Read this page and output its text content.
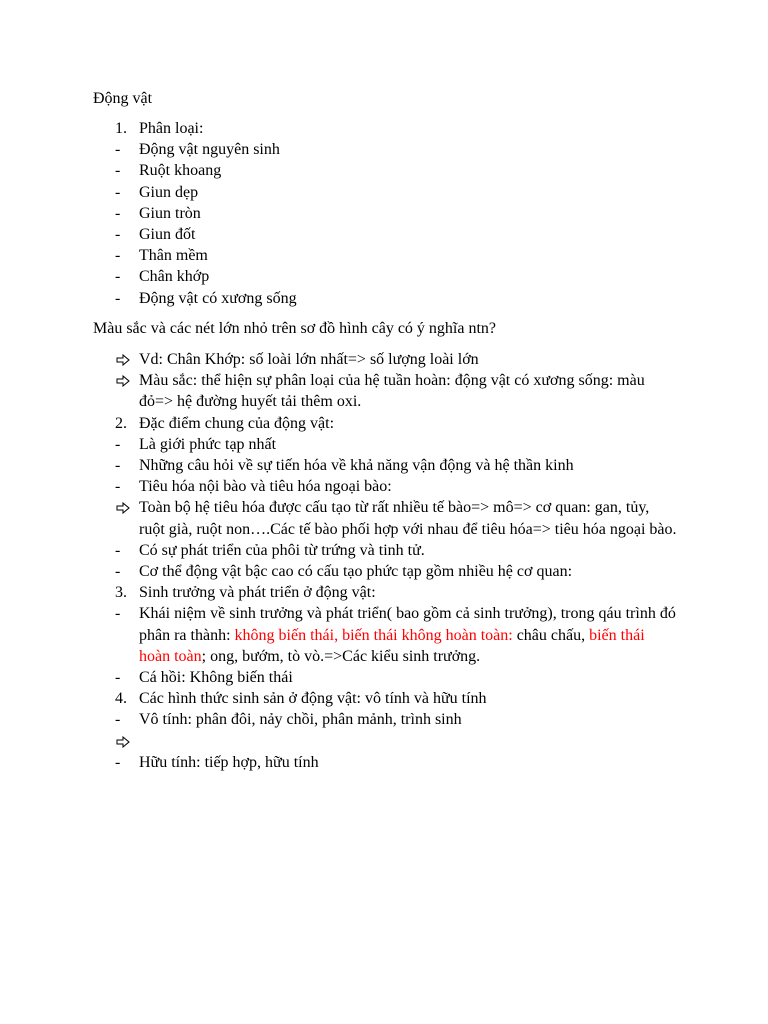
Động vật
1. Phân loại:
-	Động vật nguyên sinh
-	Ruột khoang
-	Giun dẹp
-	Giun tròn
-	Giun đốt
-	Thân mềm
-	Chân khớp
-	Động vật có xương sống

Màu sắc và các nét lớn nhỏ trên sơ đồ hình cây có ý nghĩa ntn?

Vd: Chân Khớp: số loài lớn nhất=> số lượng loài lớn
Màu sắc: thể hiện sự phân loại của hệ tuần hoàn: động vật có xương sống: màu đỏ=> hệ đường huyết tải thêm oxi.
2. Đặc điểm chung của động vật:
-	Là giới phức tạp nhất
-	Những câu hỏi về sự tiến hóa về khả năng vận động và hệ thần kinh
-	Tiêu hóa nội bào và tiêu hóa ngoại bào:
Toàn bộ hệ tiêu hóa được cấu tạo từ rất nhiều tế bào=> mô=> cơ quan: gan, tủy, ruột già, ruột non….Các tế bào phối hợp với nhau để tiêu hóa=> tiêu hóa ngoại bào.
-	Có sự phát triển của phôi từ trứng và tinh tử.
-	Cơ thể động vật bậc cao có cấu tạo phức tạp gồm nhiều hệ cơ quan:
3. Sinh trưởng và phát triển ở động vật:
-	Khái niệm về sinh trưởng và phát triển( bao gồm cả sinh trưởng), trong qáu trình đó phân ra thành: không biến thái, biến thái không hoàn toàn: châu chấu, biến thái hoàn toàn; ong, bướm, tò vò.=>Các kiểu sinh trưởng.
-	Cá hồi: Không biến thái
4. Các hình thức sinh sản ở động vật: vô tính và hữu tính
-	Vô tính: phân đôi, nảy chồi, phân mảnh, trình sinh
-	Hữu tính: tiếp hợp, hữu tính
